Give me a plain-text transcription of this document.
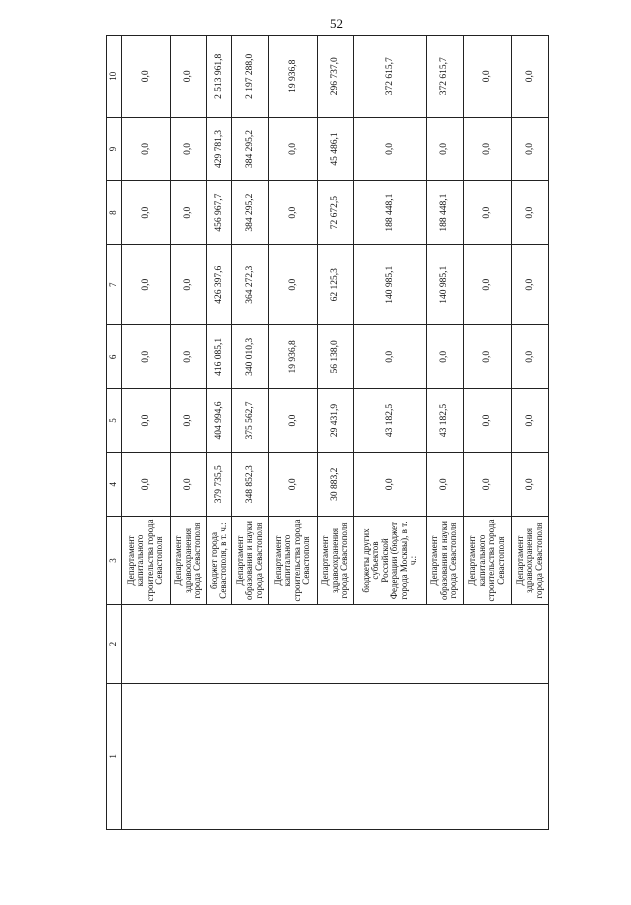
52
1	2	3	4	5	6	7	8	9	10
		Департамент капитального строительства города Севастополя	0,0	0,0	0,0	0,0	0,0	0,0	0,0
		Департамент здравоохранения города Севастополя	0,0	0,0	0,0	0,0	0,0	0,0	0,0
		бюджет города Севастополя, в т. ч.:	379 735,5	404 994,6	416 085,1	426 397,6	456 967,7	429 781,3	2 513 961,8
		Департамент образования и науки города Севастополя	348 852,3	375 562,7	340 010,3	364 272,3	384 295,2	384 295,2	2 197 288,0
		Департамент капитального строительства города Севастополя	0,0	0,0	19 936,8	0,0	0,0	0,0	19 936,8
		Департамент здравоохранения города Севастополя	30 883,2	29 431,9	56 138,0	62 125,3	72 672,5	45 486,1	296 737,0
		бюджеты других субъектов Российской Федерации (бюджет города Москвы), в т. ч.:	0,0	43 182,5	0,0	140 985,1	188 448,1	0,0	372 615,7
		Департамент образования и науки города Севастополя	0,0	43 182,5	0,0	140 985,1	188 448,1	0,0	372 615,7
		Департамент капитального строительства города Севастополя	0,0	0,0	0,0	0,0	0,0	0,0	0,0
		Департамент здравоохранения города Севастополя	0,0	0,0	0,0	0,0	0,0	0,0	0,0
